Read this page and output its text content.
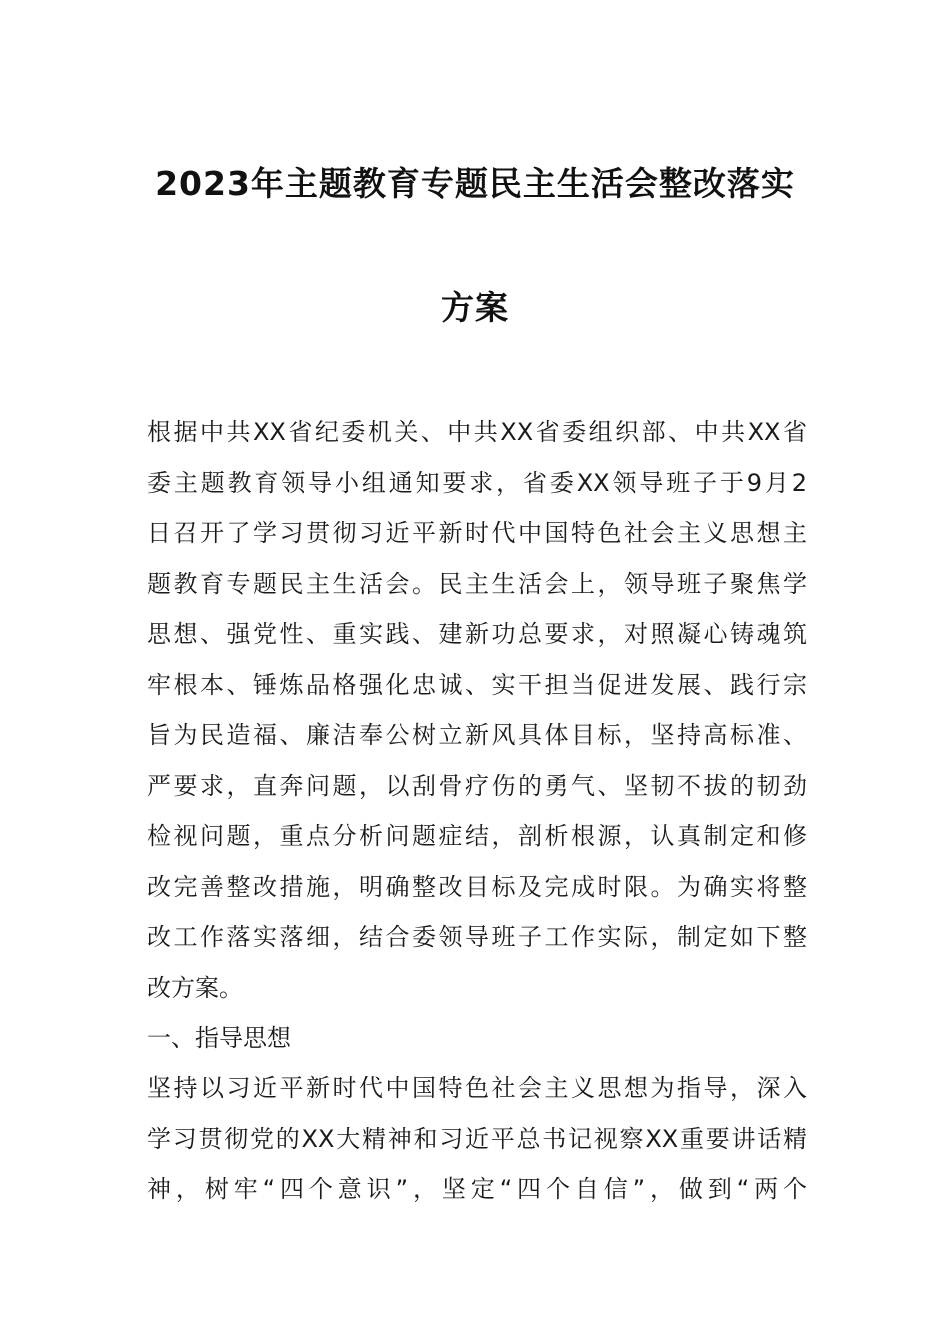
2023年主题教育专题民主生活会整改落实
方案
根据中共XX省纪委机关、中共XX省委组织部、中共XX省
委主题教育领导小组通知要求，省委XX领导班子于9月2
日召开了学习贯彻习近平新时代中国特色社会主义思想主
题教育专题民主生活会。民主生活会上，领导班子聚焦学
思想、强党性、重实践、建新功总要求，对照凝心铸魂筑
牢根本、锤炼品格强化忠诚、实干担当促进发展、践行宗
旨为民造福、廉洁奉公树立新风具体目标，坚持高标准、
严要求，直奔问题，以刮骨疗伤的勇气、坚韧不拔的韧劲
检视问题，重点分析问题症结，剖析根源，认真制定和修
改完善整改措施，明确整改目标及完成时限。为确实将整
改工作落实落细，结合委领导班子工作实际，制定如下整
改方案。
一、指导思想
坚持以习近平新时代中国特色社会主义思想为指导，深入
学习贯彻党的XX大精神和习近平总书记视察XX重要讲话精
神，树牢“四个意识”，坚定“四个自信”，做到“两个
